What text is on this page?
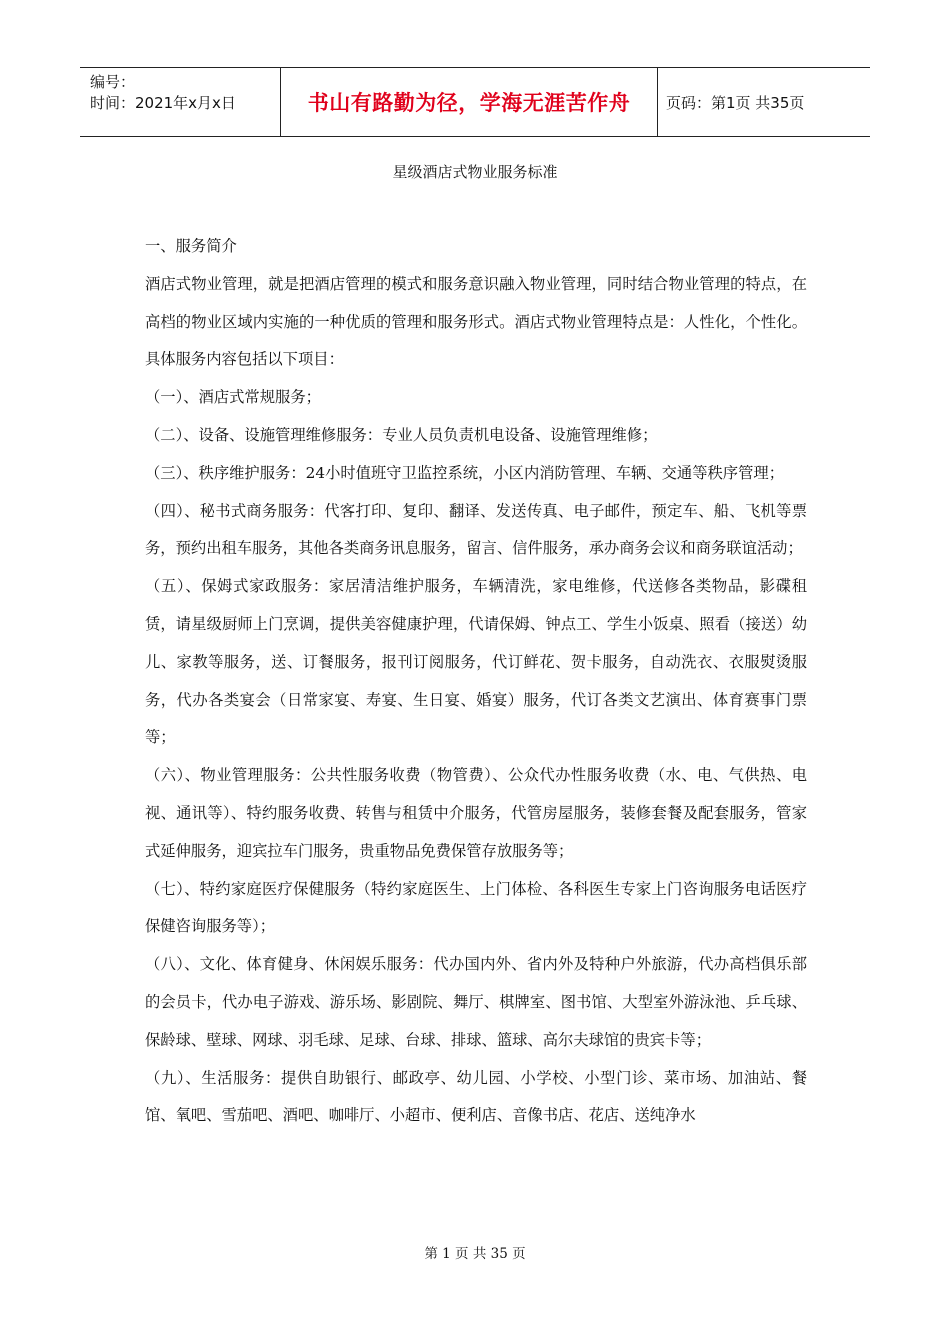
编号：
时间：2021年x月x日	书山有路勤为径，学海无涯苦作舟 页码：第1页 共35页
星级酒店式物业服务标准

一、服务简介

酒店式物业管理，就是把酒店管理的模式和服务意识融入物业管理，同时结合物业管理的特点，在高档的物业区域内实施的一种优质的管理和服务形式。酒店式物业管理特点是：人性化，个性化。具体服务内容包括以下项目：

（一）、酒店式常规服务；

（二）、设备、设施管理维修服务：专业人员负责机电设备、设施管理维修；

（三）、秩序维护服务：24小时值班守卫监控系统，小区内消防管理、车辆、交通等秩序管理；

（四）、秘书式商务服务：代客打印、复印、翻译、发送传真、电子邮件，预定车、船、飞机等票务，预约出租车服务，其他各类商务讯息服务，留言、信件服务，承办商务会议和商务联谊活动；

（五）、保姆式家政服务：家居清洁维护服务，车辆清洗，家电维修，代送修各类物品，影碟租赁，请星级厨师上门烹调，提供美容健康护理，代请保姆、钟点工、学生小饭桌、照看（接送）幼儿、家教等服务，送、订餐服务，报刊订阅服务，代订鲜花、贺卡服务，自动洗衣、衣服熨烫服务，代办各类宴会（日常家宴、寿宴、生日宴、婚宴）服务，代订各类文艺演出、体育赛事门票等；

（六）、物业管理服务：公共性服务收费（物管费）、公众代办性服务收费（水、电、气供热、电视、通讯等）、特约服务收费、转售与租赁中介服务，代管房屋服务，装修套餐及配套服务，管家式延伸服务，迎宾拉车门服务，贵重物品免费保管存放服务等；

（七）、特约家庭医疗保健服务（特约家庭医生、上门体检、各科医生专家上门咨询服务电话医疗保健咨询服务等）；

（八）、文化、体育健身、休闲娱乐服务：代办国内外、省内外及特种户外旅游，代办高档俱乐部的会员卡，代办电子游戏、游乐场、影剧院、舞厅、棋牌室、图书馆、大型室外游泳池、乒乓球、保龄球、壁球、网球、羽毛球、足球、台球、排球、篮球、高尔夫球馆的贵宾卡等；

（九）、生活服务：提供自助银行、邮政亭、幼儿园、小学校、小型门诊、菜市场、加油站、餐馆、氧吧、雪茄吧、酒吧、咖啡厅、小超市、便利店、音像书店、花店、送纯净水

第 1 页 共 35 页
